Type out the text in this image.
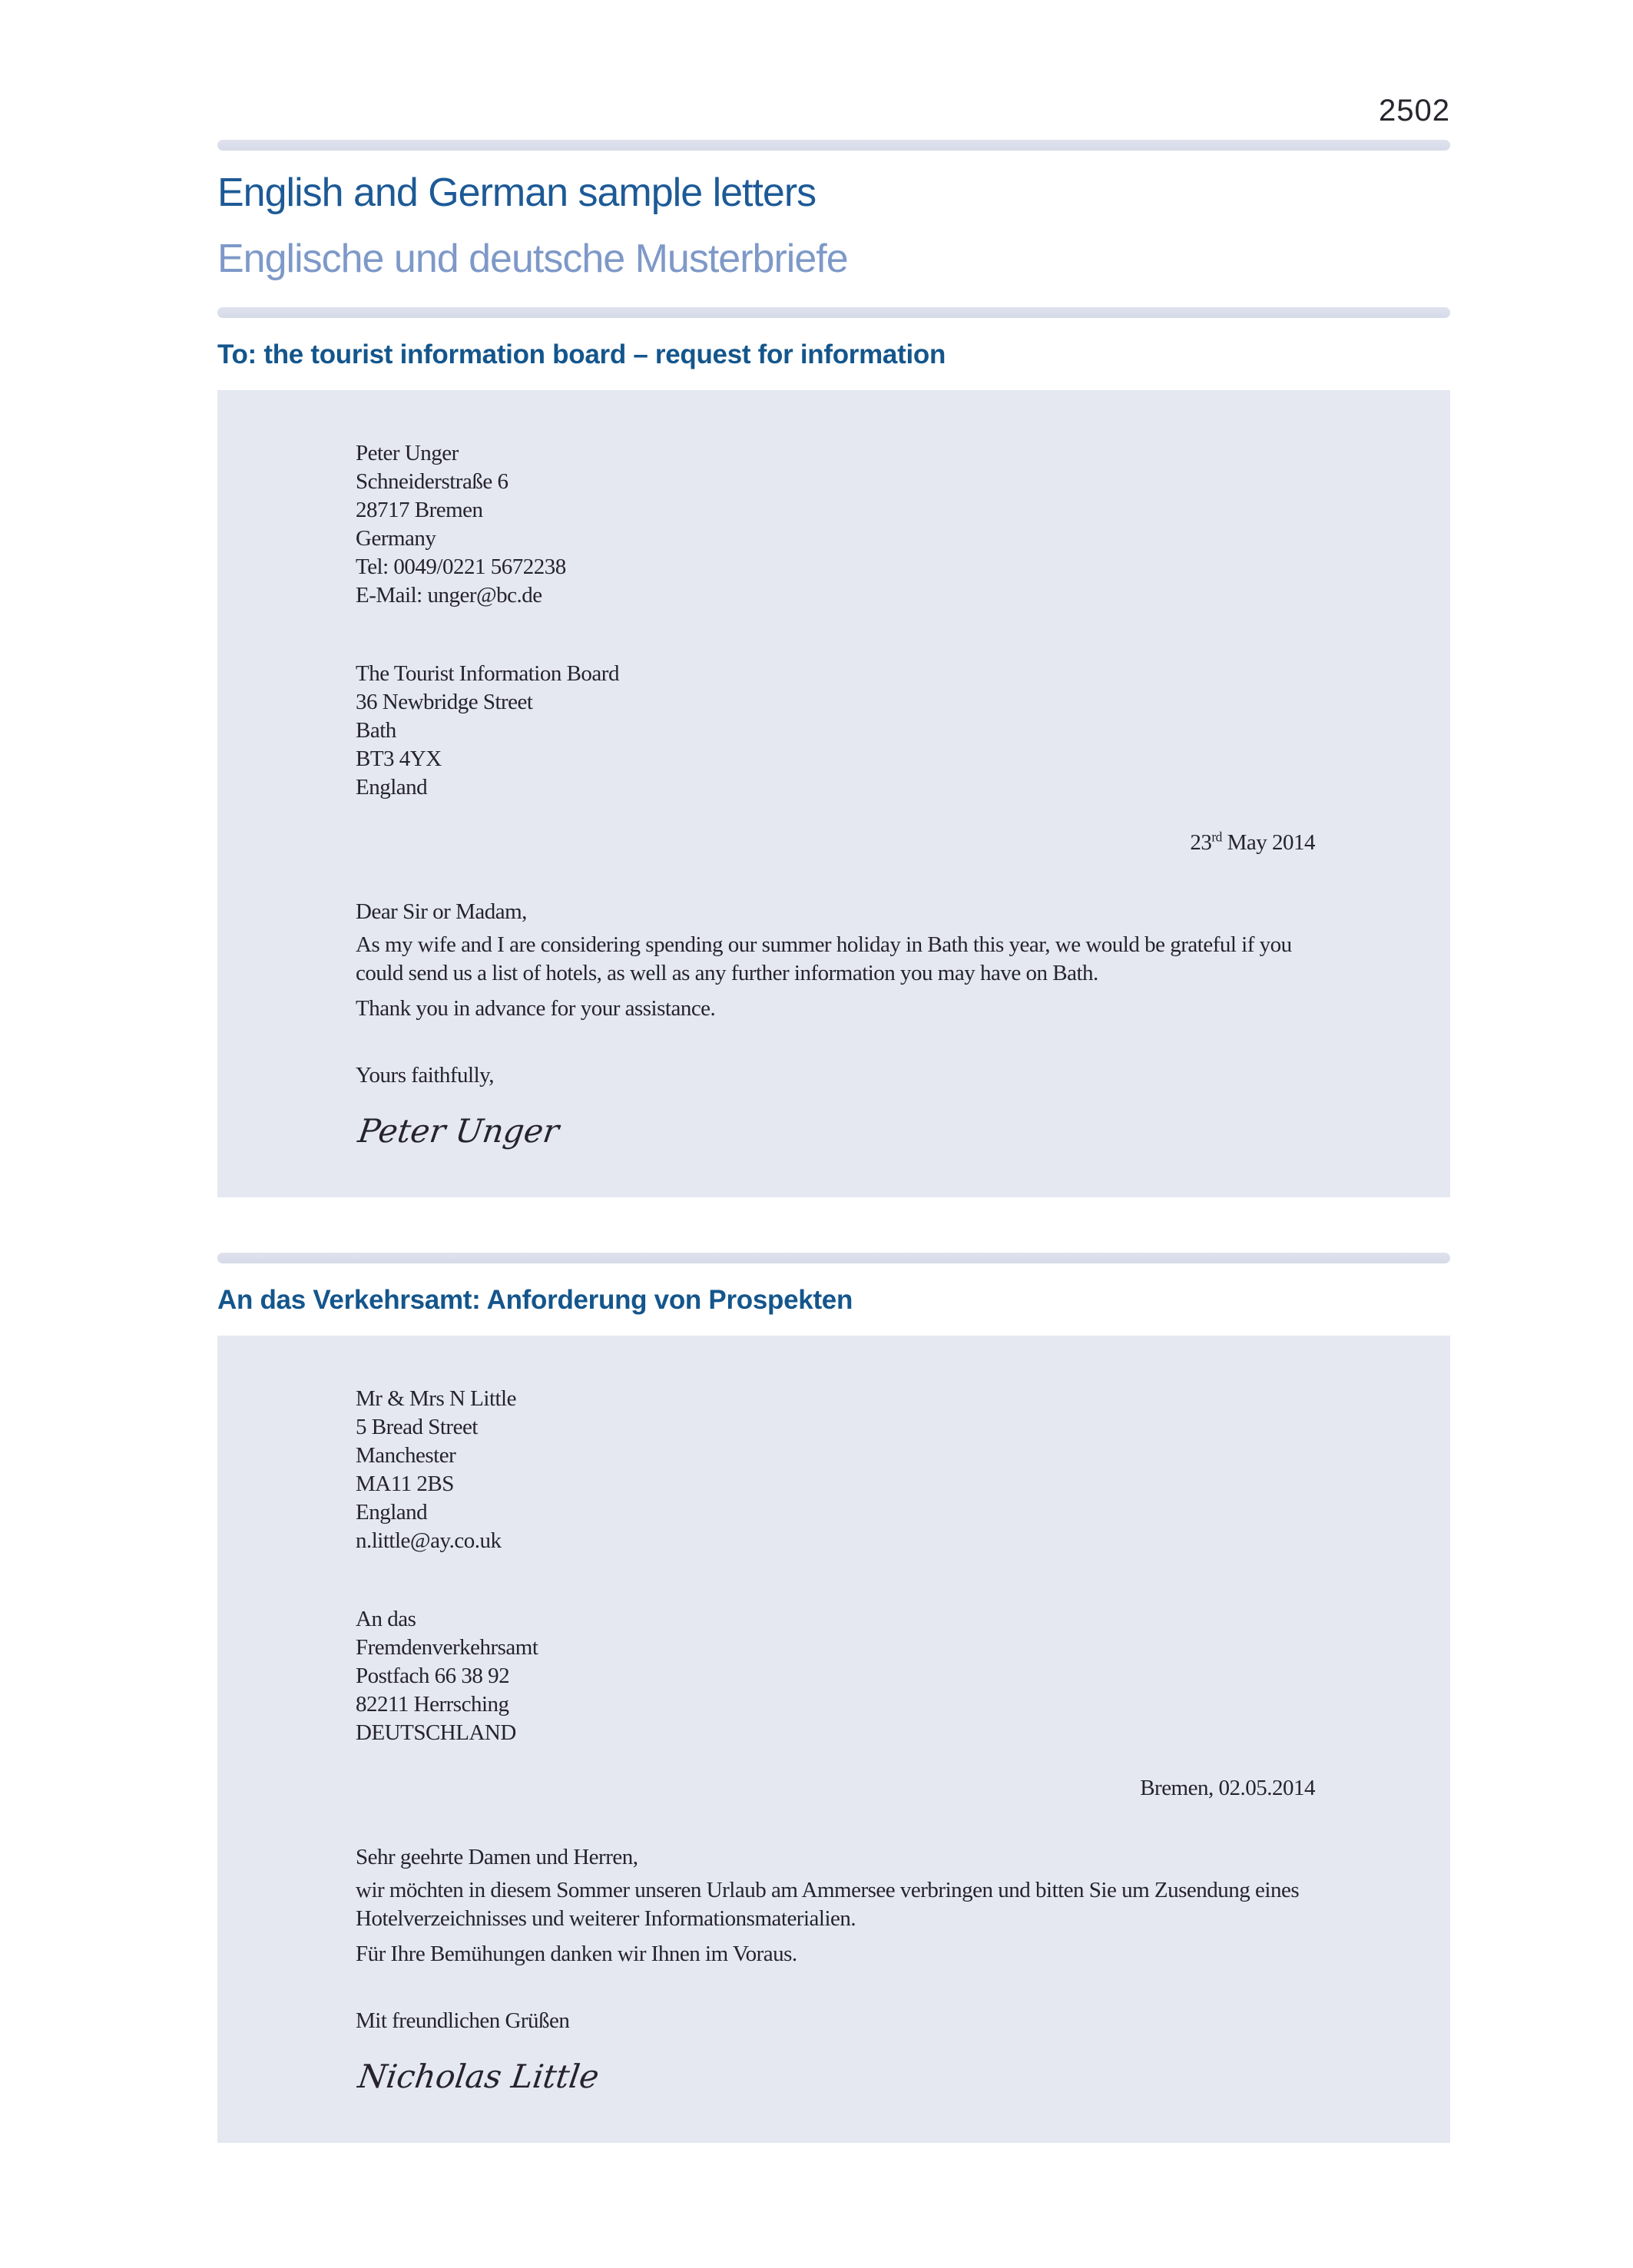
2502
English and German sample letters
Englische und deutsche Musterbriefe
To: the tourist information board – request for information
Peter Unger
Schneiderstraße 6
28717 Bremen
Germany
Tel: 0049/0221 5672238
E-Mail: unger@bc.de
The Tourist Information Board
36 Newbridge Street
Bath
BT3 4YX
England
23rd May 2014

Dear Sir or Madam,

As my wife and I are considering spending our summer holiday in Bath this year, we would be grateful if you could send us a list of hotels, as well as any further information you may have on Bath.

Thank you in advance for your assistance.

Yours faithfully,

Peter Unger

An das Verkehrsamt: Anforderung von Prospekten
Mr & Mrs N Little
5 Bread Street
Manchester
MA11 2BS
England
n.little@ay.co.uk
An das
Fremdenverkehrsamt
Postfach 66 38 92
82211 Herrsching
DEUTSCHLAND
Bremen, 02.05.2014

Sehr geehrte Damen und Herren,

wir möchten in diesem Sommer unseren Urlaub am Ammersee verbringen und bitten Sie um Zusendung eines Hotelverzeichnisses und weiterer Informationsmaterialien.

Für Ihre Bemühungen danken wir Ihnen im Voraus.

Mit freundlichen Grüßen

Nicholas Little
